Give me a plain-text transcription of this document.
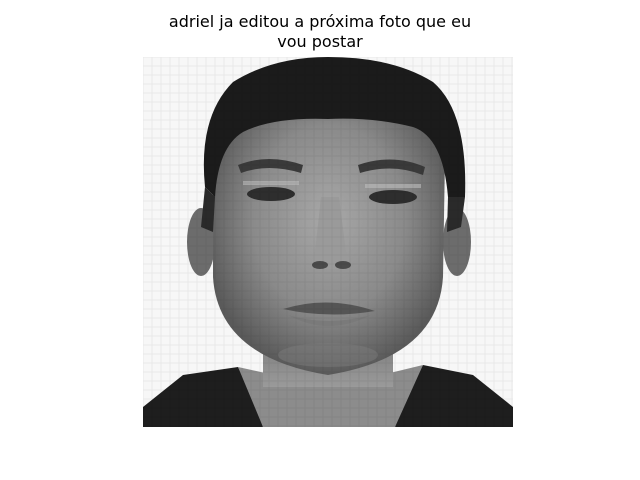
adriel ja editou a próxima foto que eu
vou postar
